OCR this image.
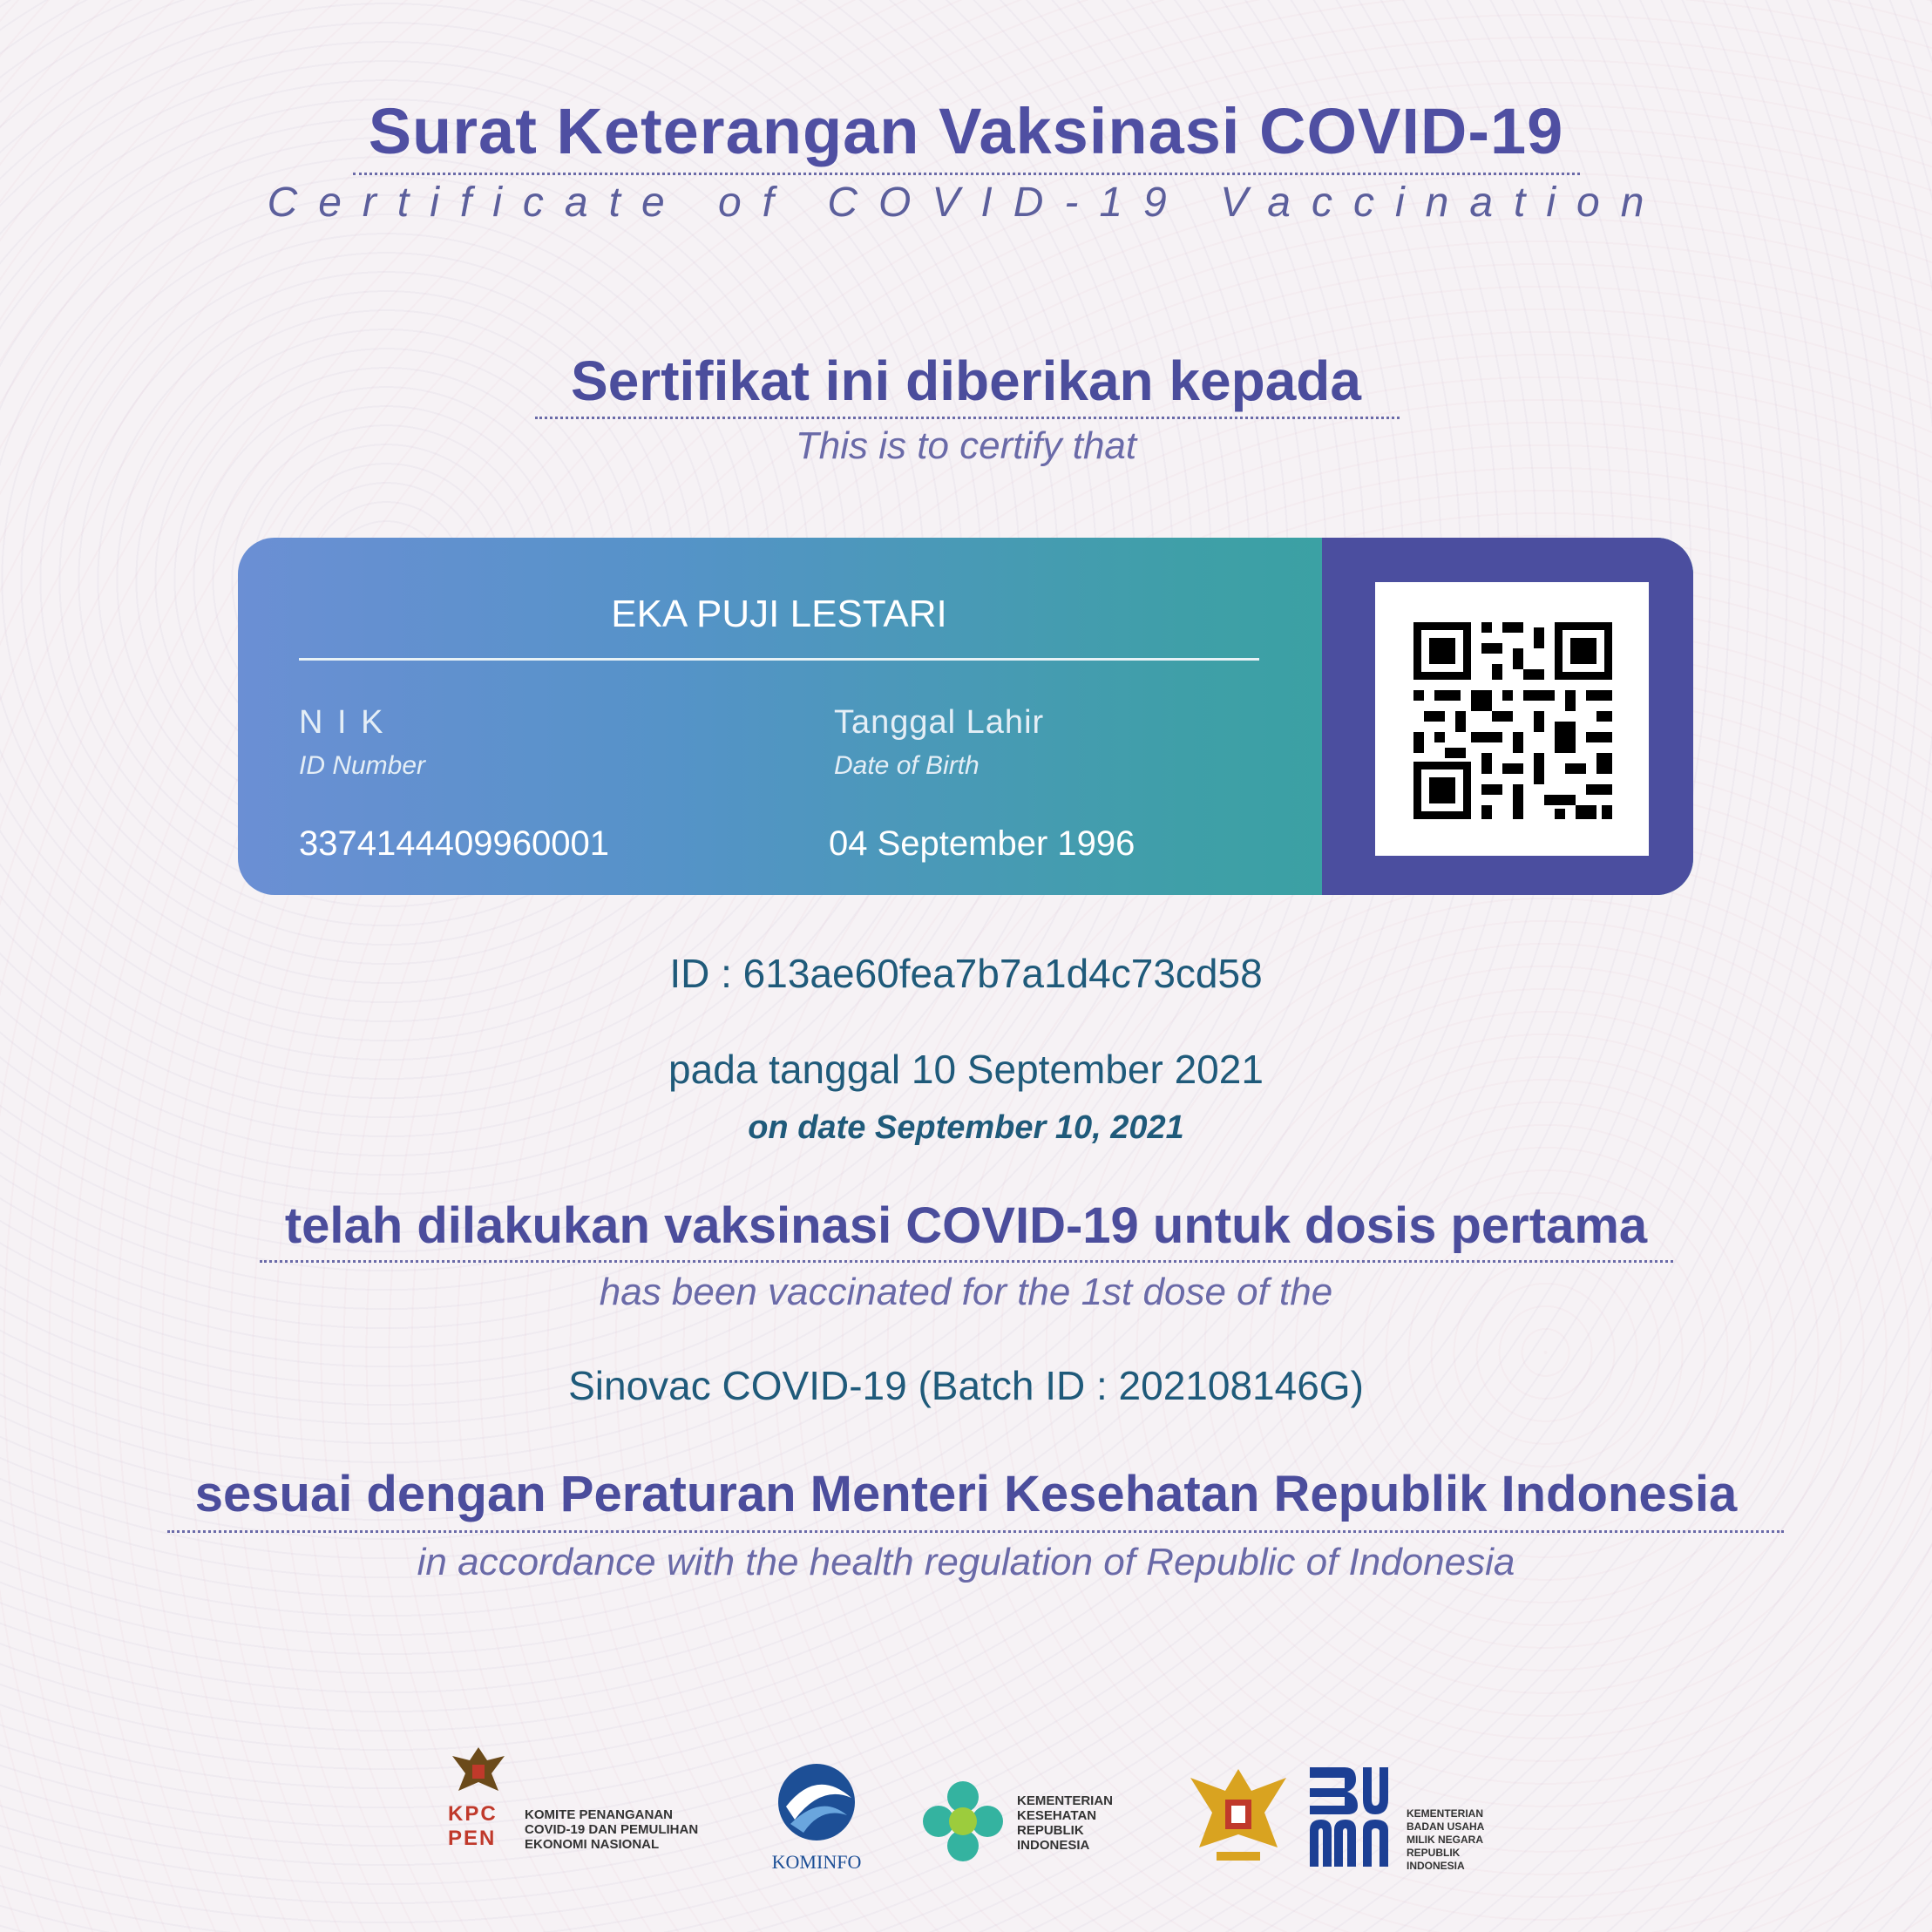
Surat Keterangan Vaksinasi COVID-19
Certificate of COVID-19 Vaccination
Sertifikat ini diberikan kepada
This is to certify that
EKA PUJI LESTARI
N I K
ID Number
3374144409960001
Tanggal Lahir
Date of Birth
04 September 1996
ID : 613ae60fea7b7a1d4c73cd58
pada tanggal 10 September 2021
on date September 10, 2021
telah dilakukan vaksinasi COVID-19 untuk dosis pertama
has been vaccinated for the 1st dose of the
Sinovac COVID-19 (Batch ID : 202108146G)
sesuai dengan Peraturan Menteri Kesehatan Republik Indonesia
in accordance with the health regulation of Republic of Indonesia
KPC PEN
KOMITE PENANGANAN
COVID-19 DAN PEMULIHAN
EKONOMI NASIONAL
KOMINFO
KEMENTERIAN
KESEHATAN
REPUBLIK
INDONESIA
KEMENTERIAN
BADAN USAHA
MILIK NEGARA
REPUBLIK
INDONESIA
